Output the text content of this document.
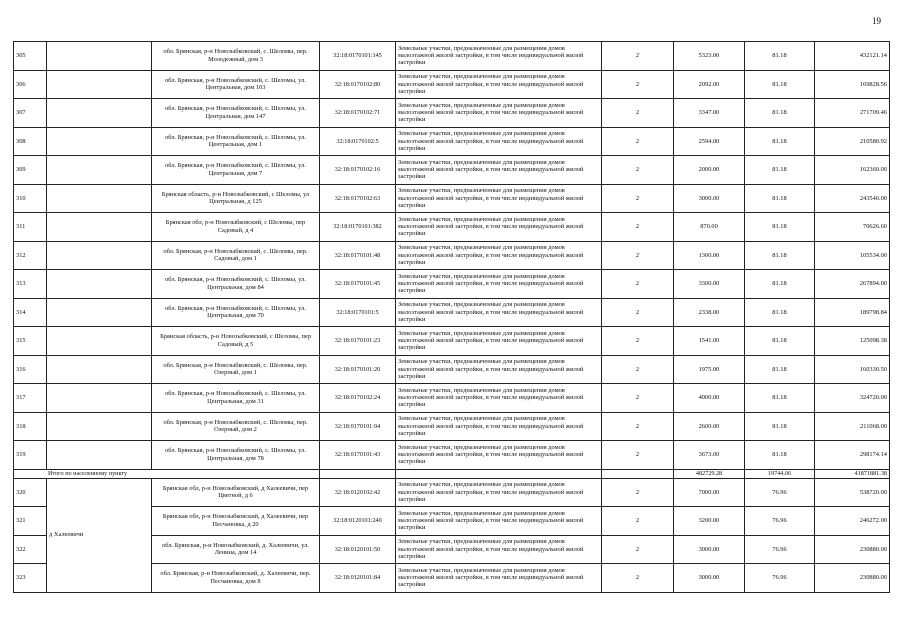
19
305		обл. Брянская, р-н Новозыбковский, с. Шеломы, пер. Молодежный, дом 3	32:18:0170101:145	Земельные участки, предназначенные для размещения домов малоэтажной жилой застройки, в том числе индивидуальной жилой застройки	2	5323.00	81.18	432121.14
306		обл. Брянская, р-н Новозыбковский, с. Шеломы, ул. Центральная, дом 103	32:18:0170102:80	Земельные участки, предназначенные для размещения домов малоэтажной жилой застройки, в том числе индивидуальной жилой застройки	2	2092.00	81.18	169828.56
307		обл. Брянская, р-н Новозыбковский, с. Шеломы, ул. Центральная, дом 147	32:18:0170102:71	Земельные участки, предназначенные для размещения домов малоэтажной жилой застройки, в том числе индивидуальной жилой застройки	2	3347.00	81.18	271709.46
308		обл. Брянская, р-н Новозыбковский, с. Шеломы, ул. Центральная, дом 1	32:18:0170102:5	Земельные участки, предназначенные для размещения домов малоэтажной жилой застройки, в том числе индивидуальной жилой застройки	2	2594.00	81.18	210580.92
309		обл. Брянская, р-н Новозыбковский, с. Шеломы, ул. Центральная, дом 7	32:18:0170102:16	Земельные участки, предназначенные для размещения домов малоэтажной жилой застройки, в том числе индивидуальной жилой застройки	2	2000.00	81.18	162360.00
310		Брянская область, р-н Новозыбковский, с Шеломы, ул Центральная, д 125	32:18:0170102:63	Земельные участки, предназначенные для размещения домов малоэтажной жилой застройки, в том числе индивидуальной жилой застройки	2	3000.00	81.18	243540.00
311		Брянская обл, р-н Новозыбковский, с Шеломы, пер Садовый, д 4	32:18:0170101:382	Земельные участки, предназначенные для размещения домов малоэтажной жилой застройки, в том числе индивидуальной жилой застройки	2	870.00	81.18	70626.60
312		обл. Брянская, р-н Новозыбковский, с. Шеломы, пер. Садовый, дом 1	32:18:0170101:48	Земельные участки, предназначенные для размещения домов малоэтажной жилой застройки, в том числе индивидуальной жилой застройки	2	1300.00	81.18	105534.00
313		обл. Брянская, р-н Новозыбковский, с. Шеломы, ул. Центральная, дом 84	32:18:0170101:45	Земельные участки, предназначенные для размещения домов малоэтажной жилой застройки, в том числе индивидуальной жилой застройки	2	3300.00	81.18	267894.00
314		обл. Брянская, р-н Новозыбковский, с. Шеломы, ул. Центральная, дом 70	32:18:0170101:5	Земельные участки, предназначенные для размещения домов малоэтажной жилой застройки, в том числе индивидуальной жилой застройки	2	2338.00	81.18	189798.84
315		Брянская область, р-н Новозыбковский, с Шеломы, пер Садовый, д 5	32:18:0170101:23	Земельные участки, предназначенные для размещения домов малоэтажной жилой застройки, в том числе индивидуальной жилой застройки	2	1541.00	81.18	125098.38
316		обл. Брянская, р-н Новозыбковский, с. Шеломы, пер. Озерный, дом 1	32:18:0170101:20	Земельные участки, предназначенные для размещения домов малоэтажной жилой застройки, в том числе индивидуальной жилой застройки	2	1975.00	81.18	160330.50
317		обл. Брянская, р-н Новозыбковский, с. Шеломы, ул. Центральная, дом 31	32:18:0170102:24	Земельные участки, предназначенные для размещения домов малоэтажной жилой застройки, в том числе индивидуальной жилой застройки	2	4000.00	81.18	324720.00
318		обл. Брянская, р-н Новозыбковский, с. Шеломы, пер. Озерный, дом 2	32:18:0170101:94	Земельные участки, предназначенные для размещения домов малоэтажной жилой застройки, в том числе индивидуальной жилой застройки	2	2600.00	81.18	211068.00
319		обл. Брянская, р-н Новозыбковский, с. Шеломы, ул. Центральная, дом 78	32:18:0170101:43	Земельные участки, предназначенные для размещения домов малоэтажной жилой застройки, в том числе индивидуальной жилой застройки	2	3673.00	81.18	298174.14
Итого по населенному пункту						482729.28	19744.06	41871881.38
320	д Халеевичи	Брянская обл, р-н Новозыбковский, д Халеевичи, пер Цветной, д 6	32:18:0120102:42	Земельные участки, предназначенные для размещения домов малоэтажной жилой застройки, в том числе индивидуальной жилой застройки	2	7000.00	76.96	538720.00
321		Брянская обл, р-н Новозыбковский, д Халеевичи, пер Песчановка, д 20	32:18:0120101:240	Земельные участки, предназначенные для размещения домов малоэтажной жилой застройки, в том числе индивидуальной жилой застройки	2	3200.00	76.96	246272.00
322		обл. Брянская, р-н Новозыбковский, д. Халеевичи, ул. Ленина, дом 14	32:18:0120101:50	Земельные участки, предназначенные для размещения домов малоэтажной жилой застройки, в том числе индивидуальной жилой застройки	2	3000.00	76.96	230880.00
323		обл. Брянская, р-н Новозыбковский, д. Халеевичи, пер. Песчановка, дом 8	32:18:0120101:84	Земельные участки, предназначенные для размещения домов малоэтажной жилой застройки, в том числе индивидуальной жилой застройки	2	3000.00	76.96	230880.00
